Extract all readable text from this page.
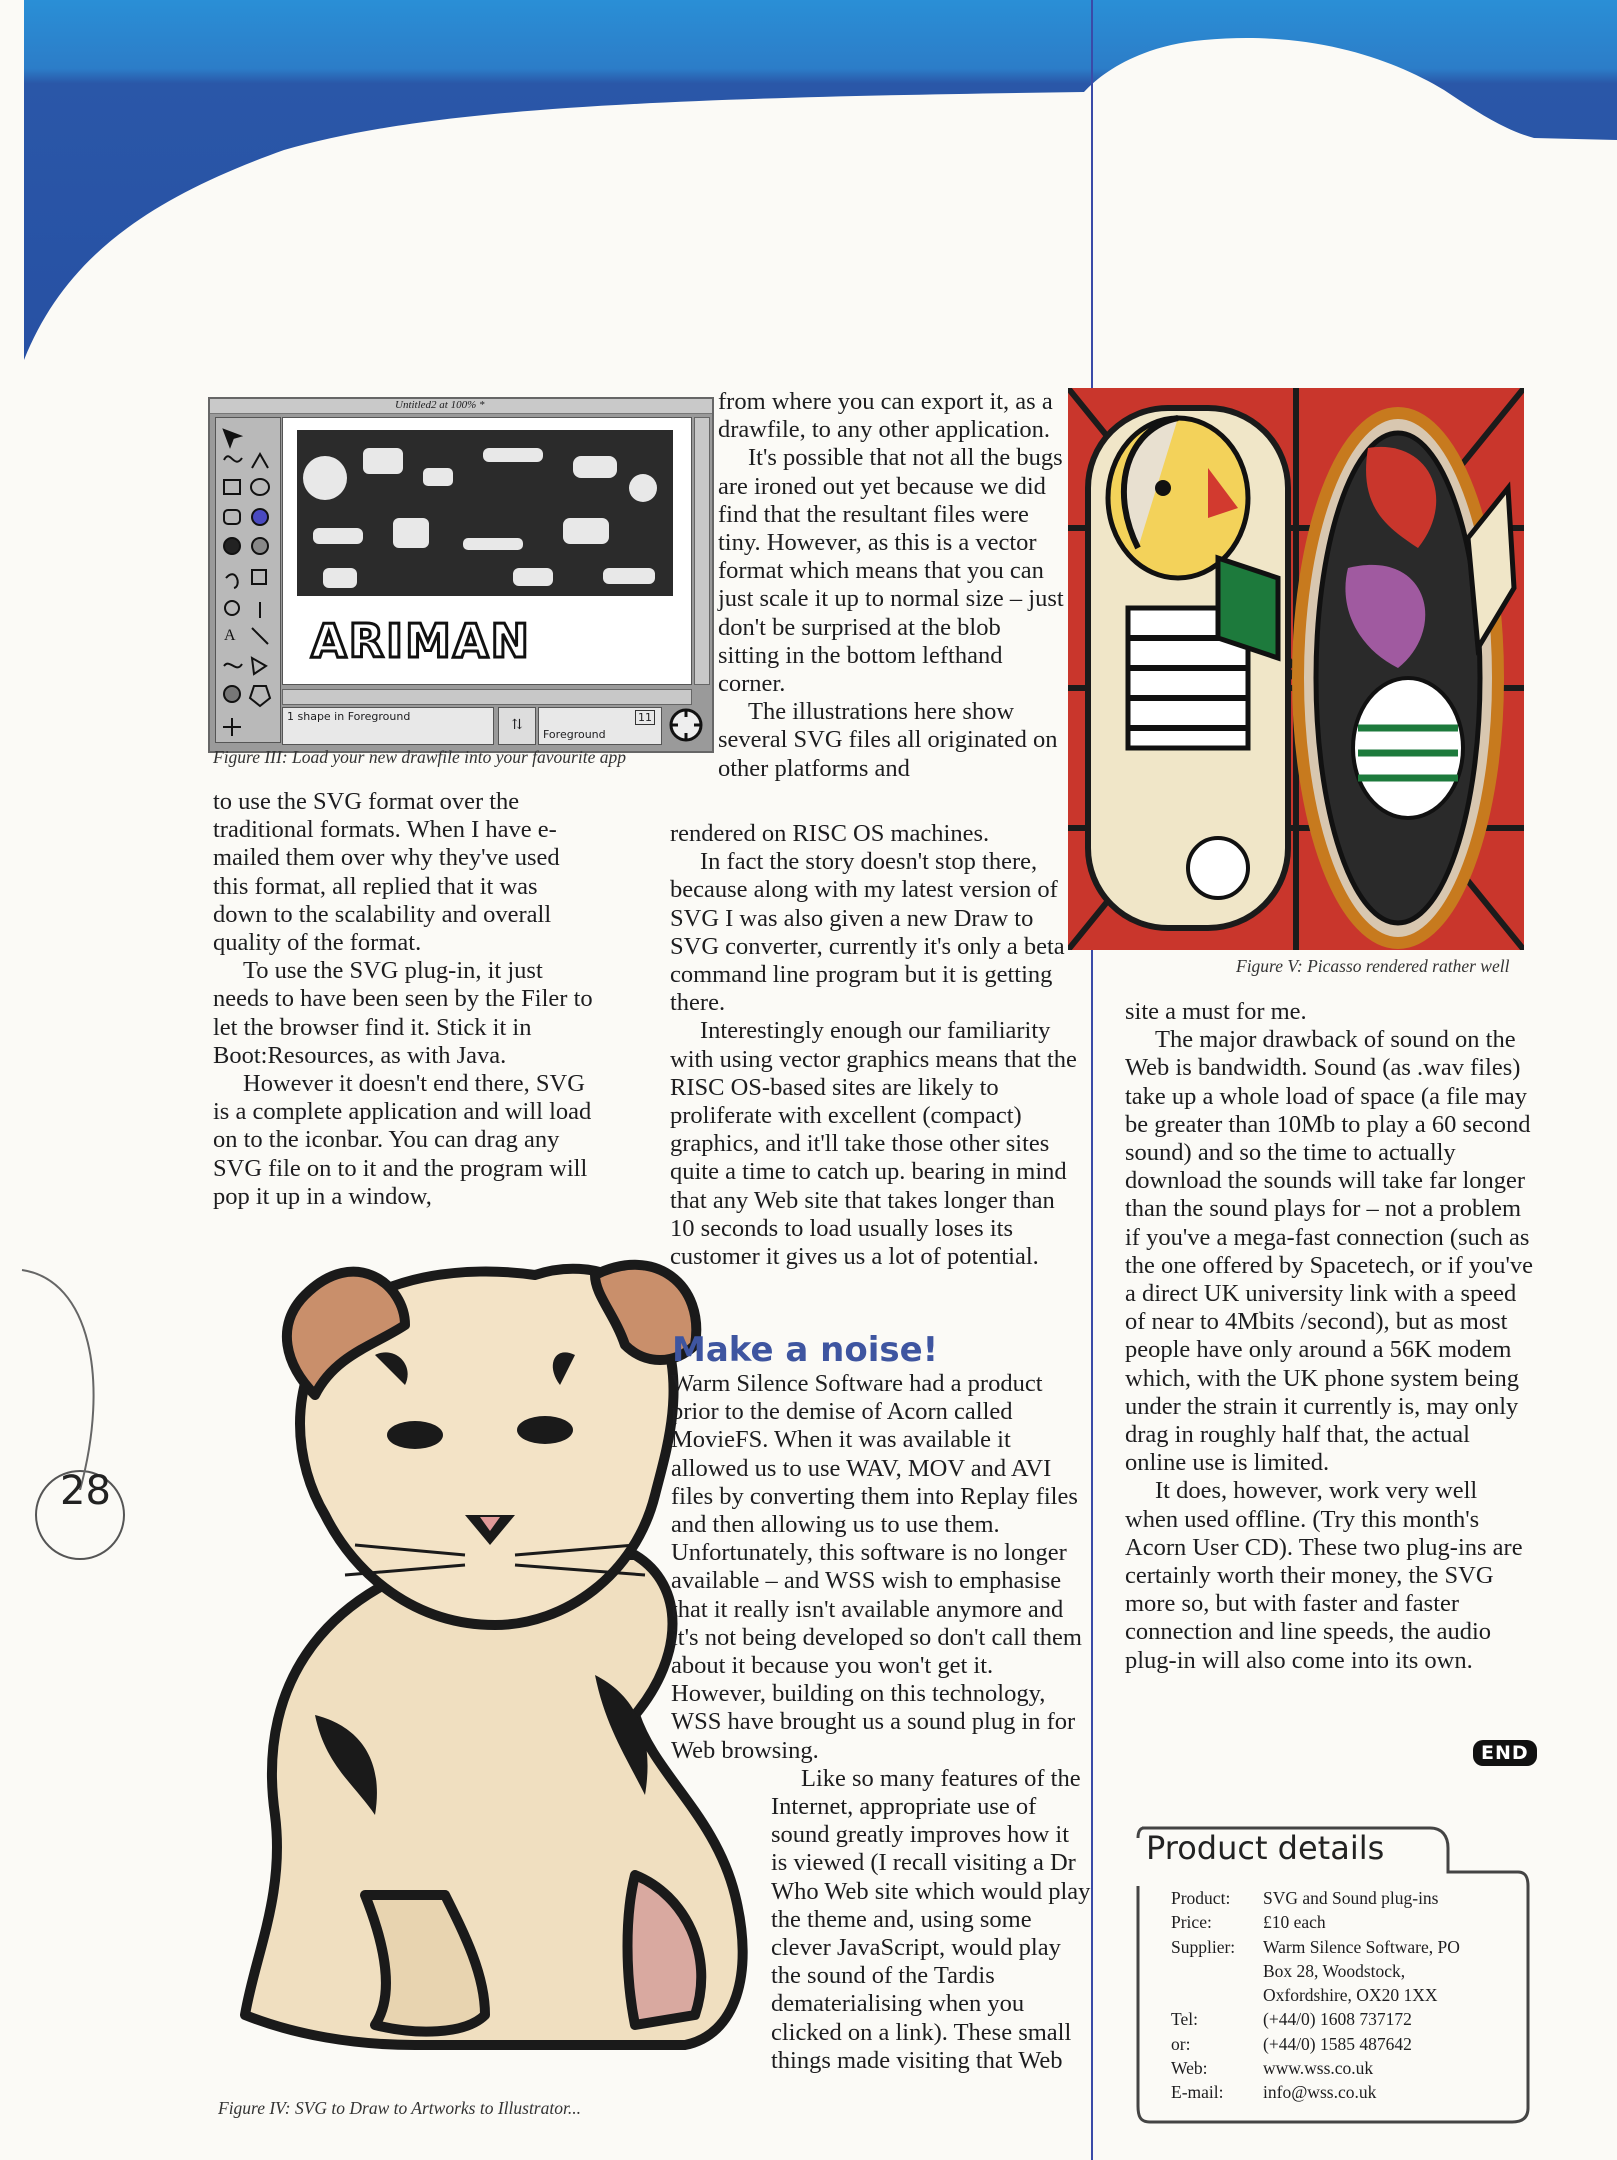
Untitled2 at 100% *
A ARIMAN
1 shape in Foreground
⇅
11
Foreground
Figure III: Load your new drawfile into your favourite app
Figure V: Picasso rendered rather well
Figure IV: SVG to Draw to Artworks to Illustrator...
28

to use the SVG format over the traditional formats. When I have e-mailed them over why they've used this format, all replied that it was down to the scalability and overall quality of the format.

To use the SVG plug-in, it just needs to have been seen by the Filer to let the browser find it. Stick it in Boot:Resources, as with Java.

However it doesn't end there, SVG is a complete application and will load on to the iconbar. You can drag any SVG file on to it and the program will pop it up in a window,

from where you can export it, as a drawfile, to any other application.

It's possible that not all the bugs are ironed out yet because we did find that the resultant files were tiny. However, as this is a vector format which means that you can just scale it up to normal size – just don't be surprised at the blob sitting in the bottom lefthand corner.

The illustrations here show several SVG files all originated on other platforms and

rendered on RISC OS machines.

In fact the story doesn't stop there, because along with my latest version of SVG I was also given a new Draw to SVG converter, currently it's only a beta command line program but it is getting there.

Interestingly enough our familiarity with using vector graphics means that the RISC OS-based sites are likely to proliferate with excellent (compact) graphics, and it'll take those other sites quite a time to catch up. bearing in mind that any Web site that takes longer than 10 seconds to load usually loses its customer it gives us a lot of potential.

Make a noise!

Warm Silence Software had a product prior to the demise of Acorn called MovieFS. When it was available it allowed us to use WAV, MOV and AVI files by converting them into Replay files and then allowing us to use them. Unfortunately, this software is no longer available – and WSS wish to emphasise that it really isn't available anymore and it's not being developed so don't call them about it because you won't get it. However, building on this technology, WSS have brought us a sound plug in for Web browsing.

Like so many features of the Internet, appropriate use of sound greatly improves how it is viewed (I recall visiting a Dr Who Web site which would play the theme and, using some clever JavaScript, would play the sound of the Tardis dematerialising when you clicked on a link). These small things made visiting that Web

site a must for me.

The major drawback of sound on the Web is bandwidth. Sound (as .wav files) take up a whole load of space (a file may be greater than 10Mb to play a 60 second sound) and so the time to actually download the sounds will take far longer than the sound plays for – not a problem if you've a mega-fast connection (such as the one offered by Spacetech, or if you've a direct UK university link with a speed of near to 4Mbits /second), but as most people have only around a 56K modem which, with the UK phone system being under the strain it currently is, may only drag in roughly half that, the actual online use is limited.

It does, however, work very well when used offline. (Try this month's Acorn User CD). These two plug-ins are certainly worth their money, the SVG more so, but with faster and faster connection and line speeds, the audio plug-in will also come into its own.

END
Product details
Product:	SVG and Sound plug-ins
Price:	£10 each
Supplier:	Warm Silence Software, PO
	Box 28, Woodstock,
	Oxfordshire, OX20 1XX
Tel:	(+44/0) 1608 737172
or:	(+44/0) 1585 487642
Web:	www.wss.co.uk
E-mail:	info@wss.co.uk
